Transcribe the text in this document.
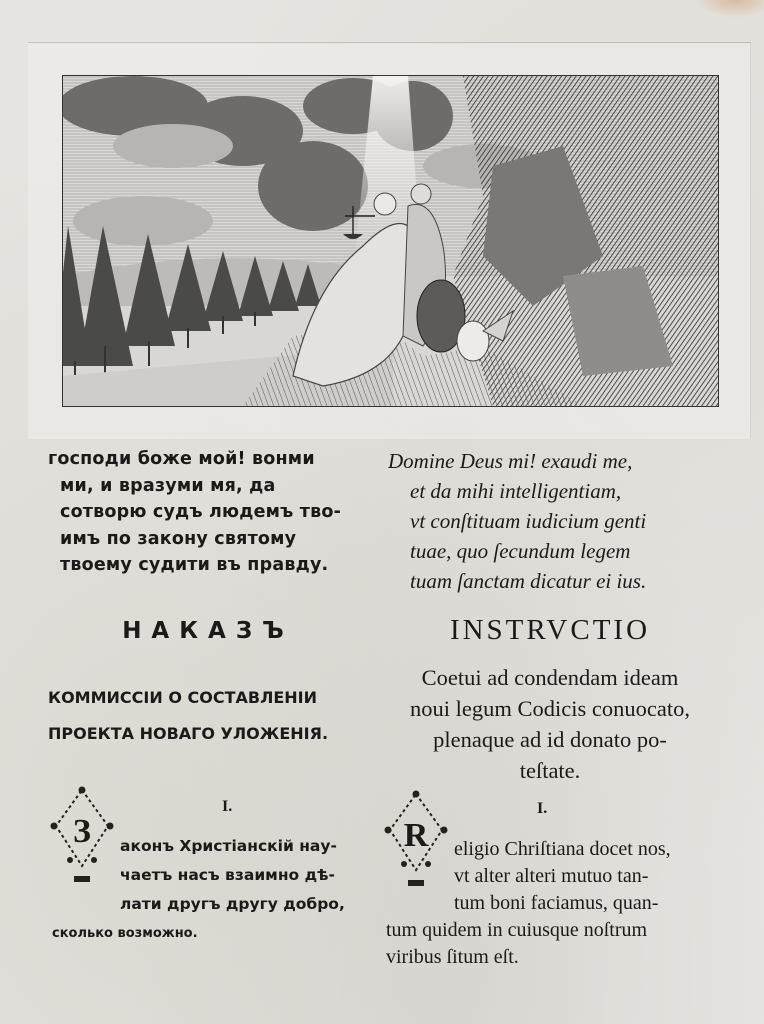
господи боже мой! вонми
ми, и вразуми мя, да
сотворю судъ людемъ тво-
имъ по закону святому
твоему судити въ правду.
Domine Deus mi! exaudi me,
et da mihi intelligentiam,
vt conſtituam iudicium genti
tuae, quo ſecundum legem
tuam ſanctam dicatur ei ius.
НАКАЗЪ	INSTRVCTIO
КОММИССІИ О СОСТАВЛЕНІИ
ПРОЕКТА НОВАГО УЛОЖЕНІЯ.
Coetui ad condendam ideam
noui legum Codicis conuocato,
plenaque ad id donato po-
teſtate.
I.	I.
З	R
аконъ Христіанскій нау-
чаетъ насъ взаимно дѣ-
лати другъ другу добро,
сколько возможно.
eligio Chriſtiana docet nos,
vt alter alteri mutuo tan-
tum boni faciamus, quan-
tum quidem in cuiusque noſtrum
viribus ſitum eſt.
